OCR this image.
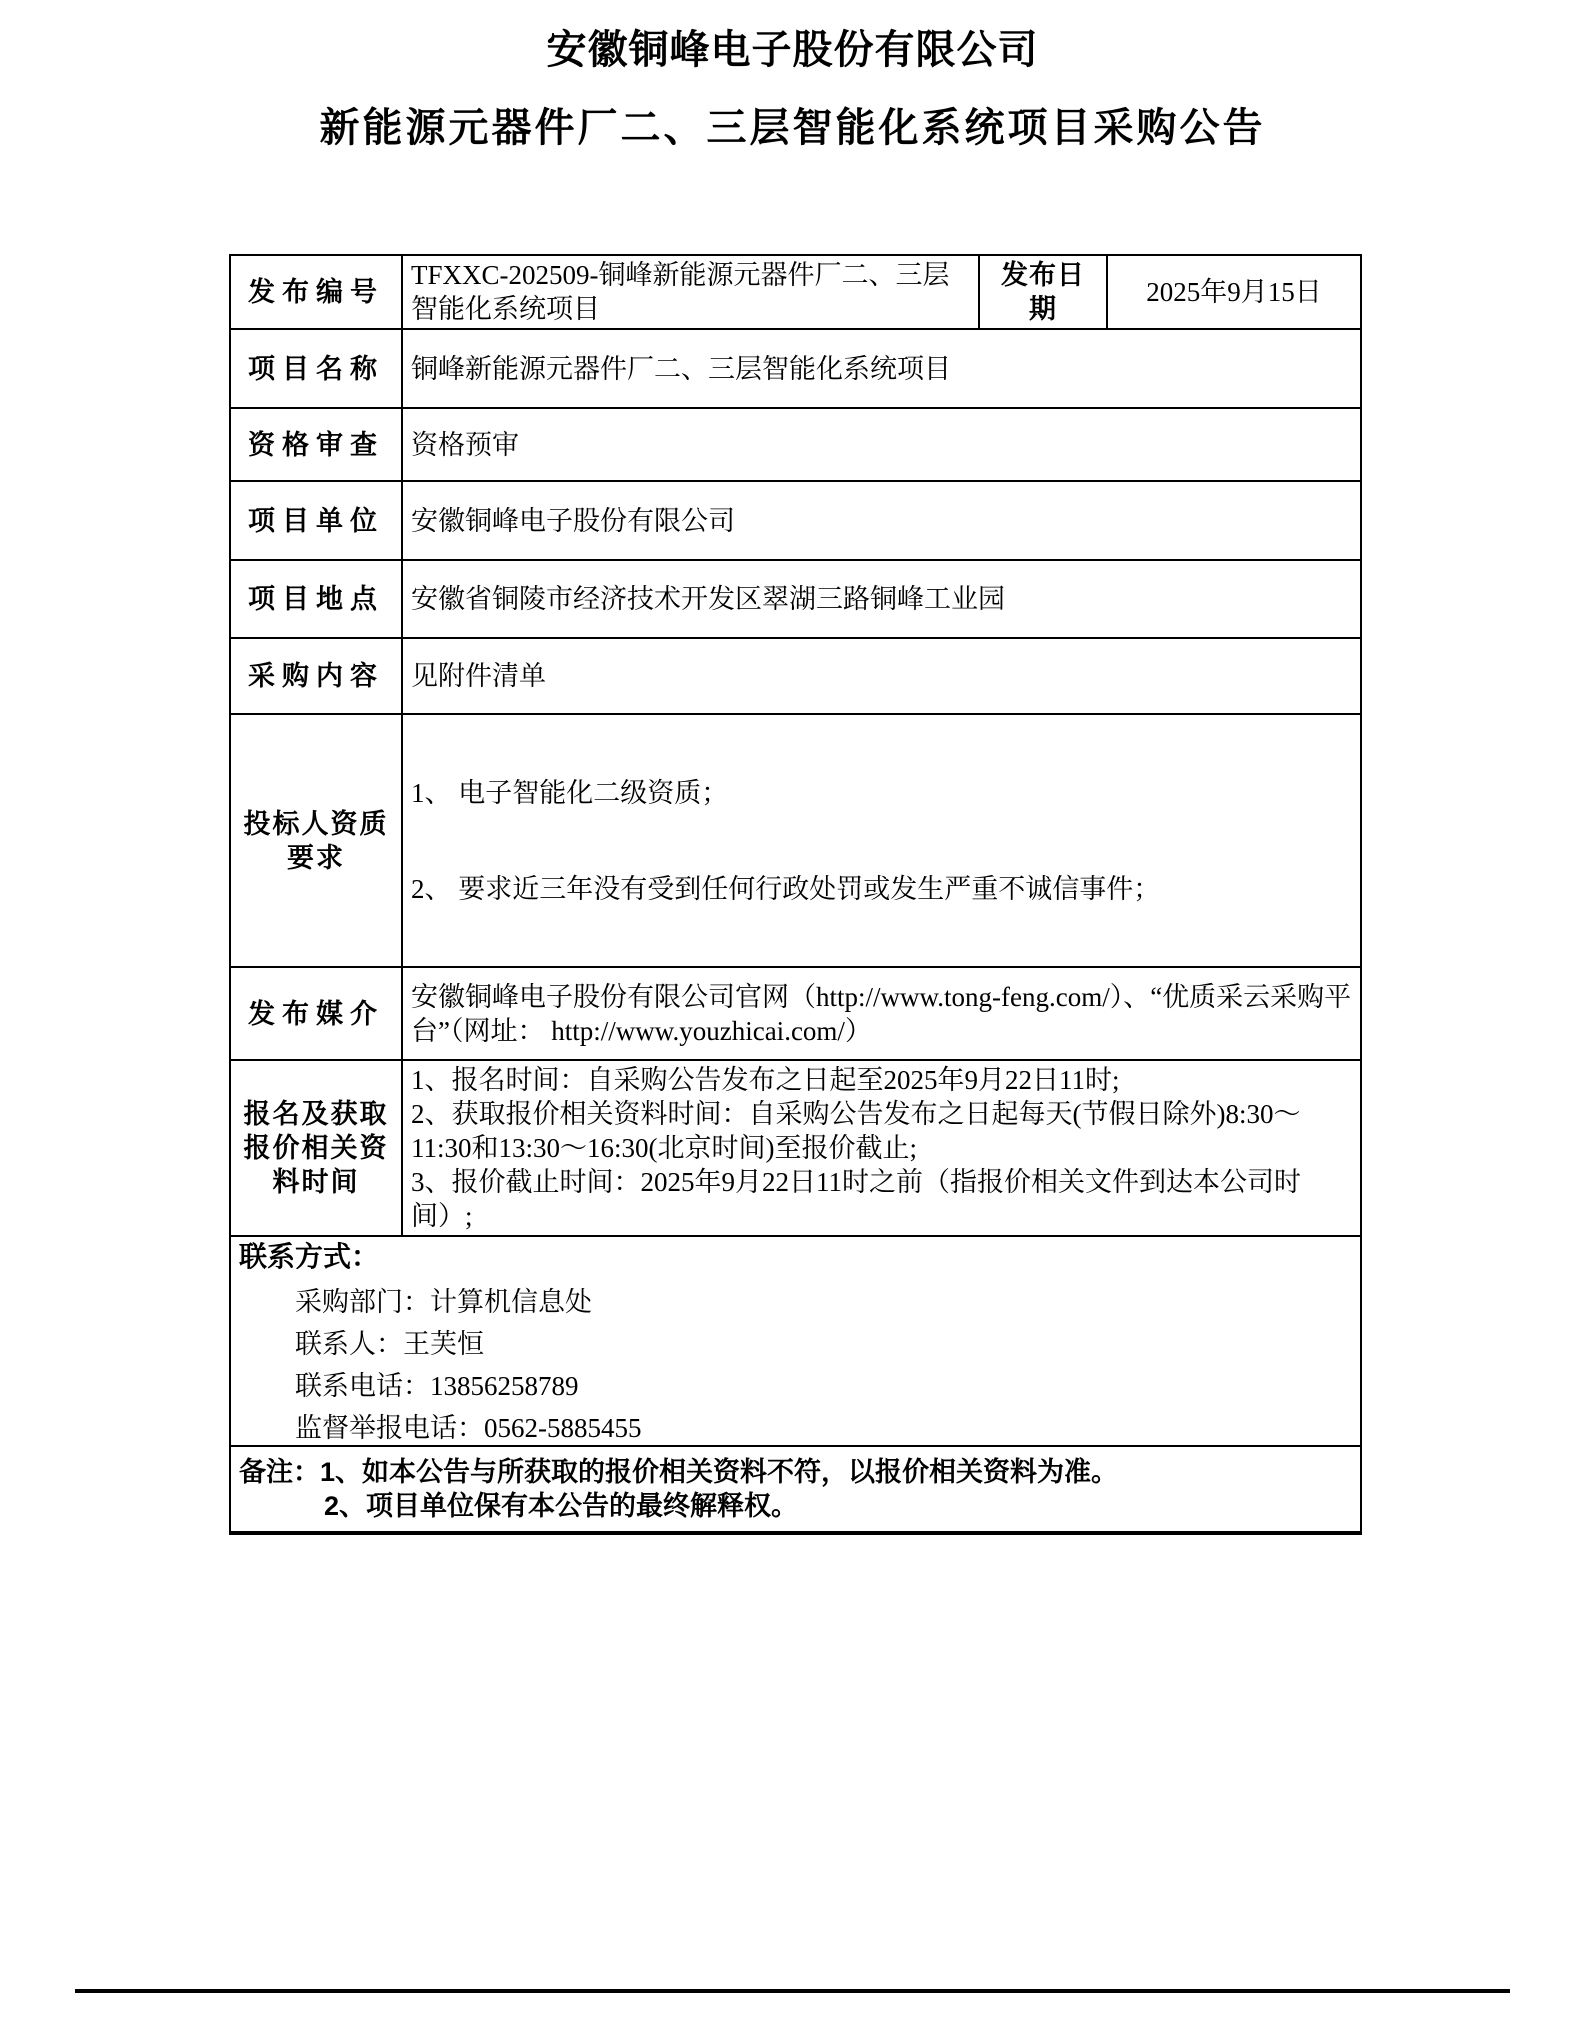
安徽铜峰电子股份有限公司
新能源元器件厂二、三层智能化系统项目采购公告
发布编号	TFXXC-202509-铜峰新能源元器件厂二、三层智能化系统项目	发布日期	2025年9月15日
项目名称	铜峰新能源元器件厂二、三层智能化系统项目		
资格审查	资格预审		
项目单位	安徽铜峰电子股份有限公司		
项目地点	安徽省铜陵市经济技术开发区翠湖三路铜峰工业园		
采购内容	见附件清单		
投标人资质要求	1、 电子智能化二级资质；
2、 要求近三年没有受到任何行政处罚或发生严重不诚信事件；		

发布媒介	安徽铜峰电子股份有限公司官网（http://www.tong-feng.com/）、“优质采云采购平台”（网址： http://www.youzhicai.com/）		
报名及获取报价相关资料时间	1、报名时间：自采购公告发布之日起至2025年9月22日11时;
2、获取报价相关资料时间：自采购公告发布之日起每天(节假日除外)8:30～11:30和13:30～16:30(北京时间)至报价截止;
3、报价截止时间：2025年9月22日11时之前（指报价相关文件到达本公司时间）;		

联系方式：
采购部门：计算机信息处
联系人：王芙恒
联系电话：13856258789
监督举报电话：0562-5885455			

备注：1、如本公告与所获取的报价相关资料不符，以报价相关资料为准。
2、项目单位保有本公告的最终解释权。			
